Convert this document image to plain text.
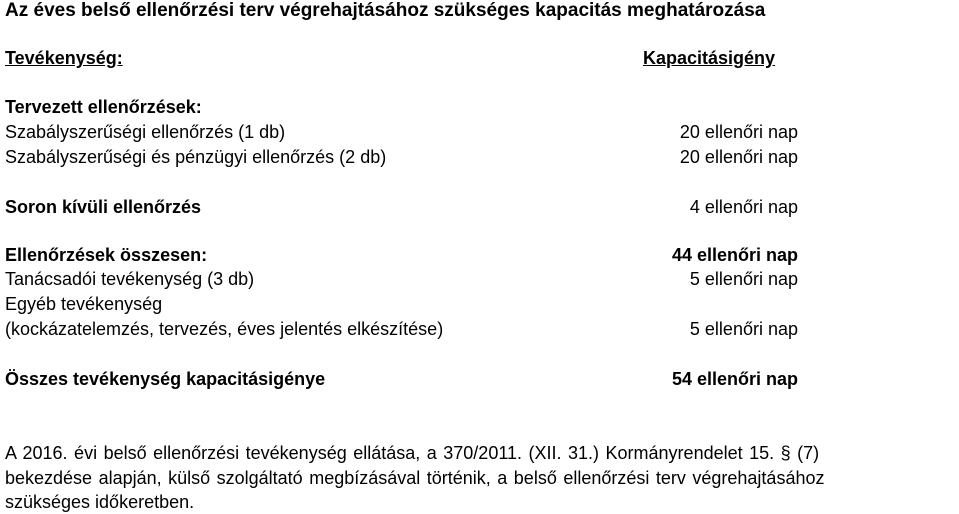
Az éves belső ellenőrzési terv végrehajtásához szükséges kapacitás meghatározása
Tevékenység:	Kapacitásigény
Tervezett ellenőrzések:
Szabályszerűségi ellenőrzés (1 db)	20 ellenőri nap
Szabályszerűségi és pénzügyi ellenőrzés (2 db)	20 ellenőri nap
Soron kívüli ellenőrzés	4 ellenőri nap
Ellenőrzések összesen:	44 ellenőri nap
Tanácsadói tevékenység (3 db)	5 ellenőri nap
Egyéb tevékenység
(kockázatelemzés, tervezés, éves jelentés elkészítése)	5 ellenőri nap
Összes tevékenység kapacitásigénye	54 ellenőri nap
A 2016. évi belső ellenőrzési tevékenység ellátása, a 370/2011. (XII. 31.) Kormányrendelet 15. § (7)
bekezdése alapján, külső szolgáltató megbízásával történik, a belső ellenőrzési terv végrehajtásához
szükséges időkeretben.
